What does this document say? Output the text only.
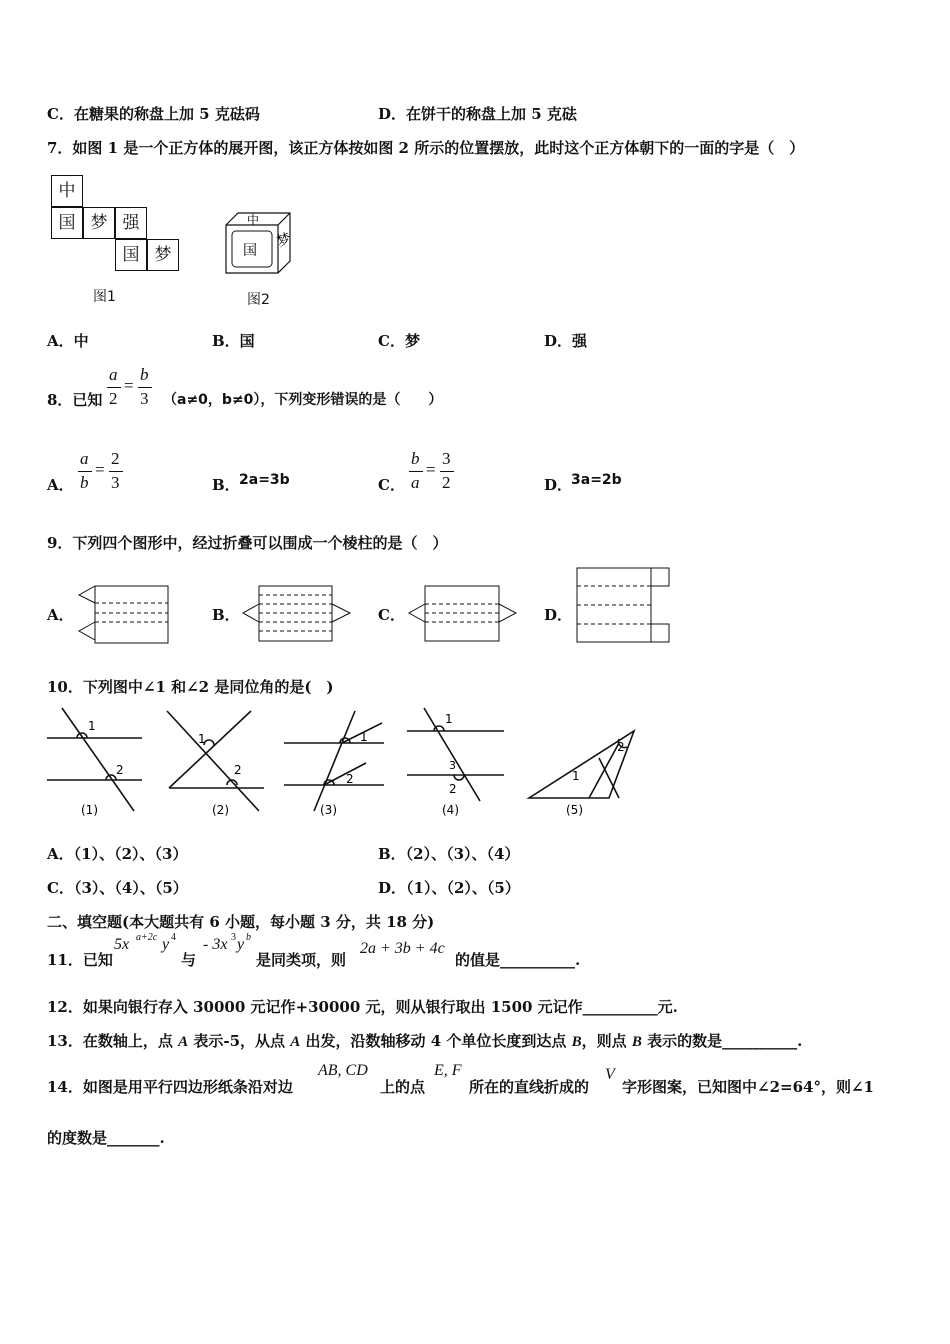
C．在糖果的称盘上加 5 克砝码	D．在饼干的称盘上加 5 克砝
7．如图 1 是一个正方体的展开图，该正方体按如图 2 所示的位置摆放，此时这个正方体朝下的一面的字是（　）
中
国 梦 强
国 梦
图1
中
国
梦
图2
A．中	B．国	C．梦	D．强
8．已知
a
2
=
b
3 （a≠0，b≠0），下列变形错误的是（　　）
A．
a
b
=
2
3	B． 2a=3b	C．
b
a
=
3
2	D．
3a=2b
9．下列四个图形中，经过折叠可以围成一个棱柱的是（　）
A．	B．	C．	D．
10．下列图中∠1 和∠2 是同位角的是(　)
1
2
(1)
1
2
(2)
1
2
(3)
1
2
3
(4)
1
2
(5)
A．（1）、（2）、（3）	B．（2）、（3）、（4）
C．（3）、（4）、（5）	D．（1）、（2）、（5）
二、填空题(本大题共有 6 小题，每小题 3 分，共 18 分)
11．已知
5x a+2c y 4
与
- 3x 3 y b
是同类项，则
2a + 3b + 4c
的值是__________.
12．如果向银行存入 30000 元记作+30000 元，则从银行取出 1500 元记作__________元.
13．在数轴上，点 A 表示-5，从点 A 出发，沿数轴移动 4 个单位长度到达点 B，则点 B 表示的数是__________.
14．如图是用平行四边形纸条沿对边
AB, CD
上的点
E, F
所在的直线折成的
V
字形图案，已知图中∠2=64°，则∠1
的度数是_______.
